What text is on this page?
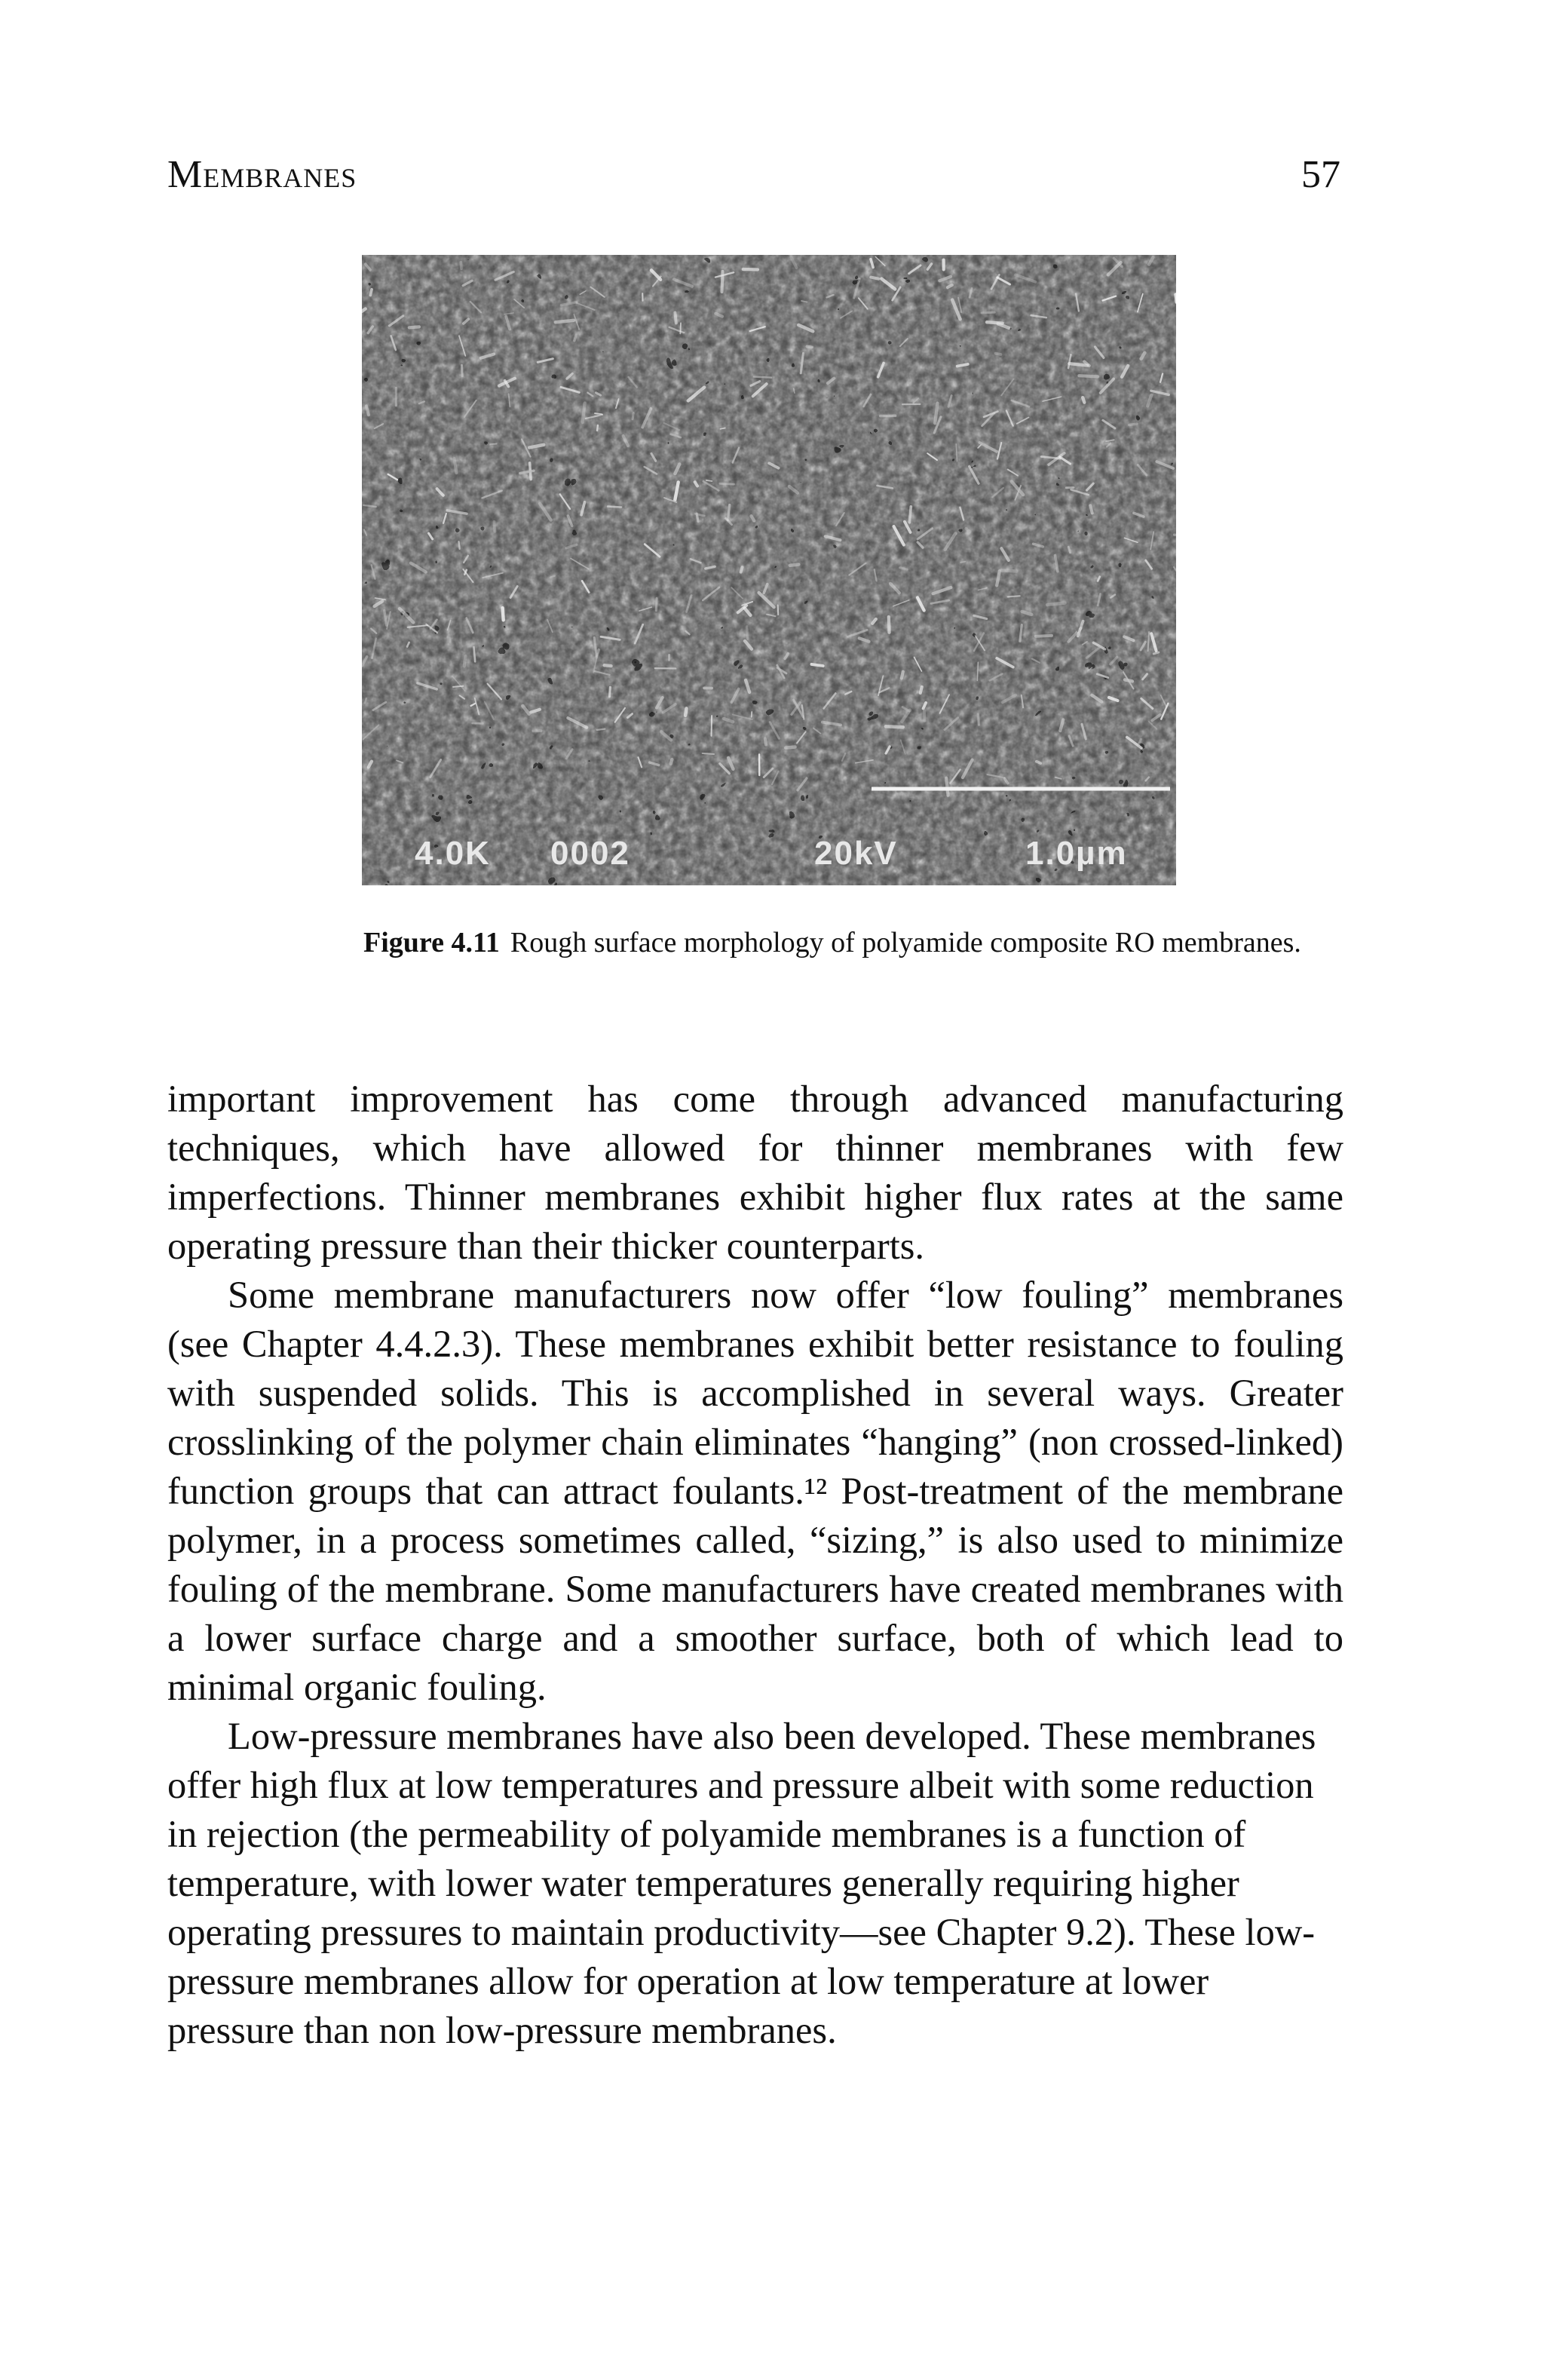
Membranes	57
4.0K 0002	20kV	1.0µm
Figure 4.11 Rough surface morphology of polyamide composite RO membranes.

important improvement has come through advanced manufacturing techniques, which have allowed for thinner membranes with few imperfections. Thinner membranes exhibit higher flux rates at the same operating pressure than their thicker counterparts.

Some membrane manufacturers now offer “low fouling” membranes (see Chapter 4.4.2.3). These membranes exhibit better resistance to fouling with suspended solids. This is accomplished in several ways. Greater crosslinking of the polymer chain eliminates “hanging” (non crossed-linked) function groups that can attract foulants.¹² Post-treatment of the membrane polymer, in a process sometimes called, “sizing,” is also used to minimize fouling of the membrane. Some manufacturers have created membranes with a lower surface charge and a smoother surface, both of which lead to minimal organic fouling.

Low-pressure membranes have also been developed. These membranes offer high flux at low temperatures and pressure albeit with some reduction in rejection (the permeability of polyamide membranes is a function of temperature, with lower water temperatures generally requiring higher operating pressures to maintain productivity—see Chapter 9.2). These low-pressure membranes allow for operation at low temperature at lower pressure than non low-pressure membranes.
